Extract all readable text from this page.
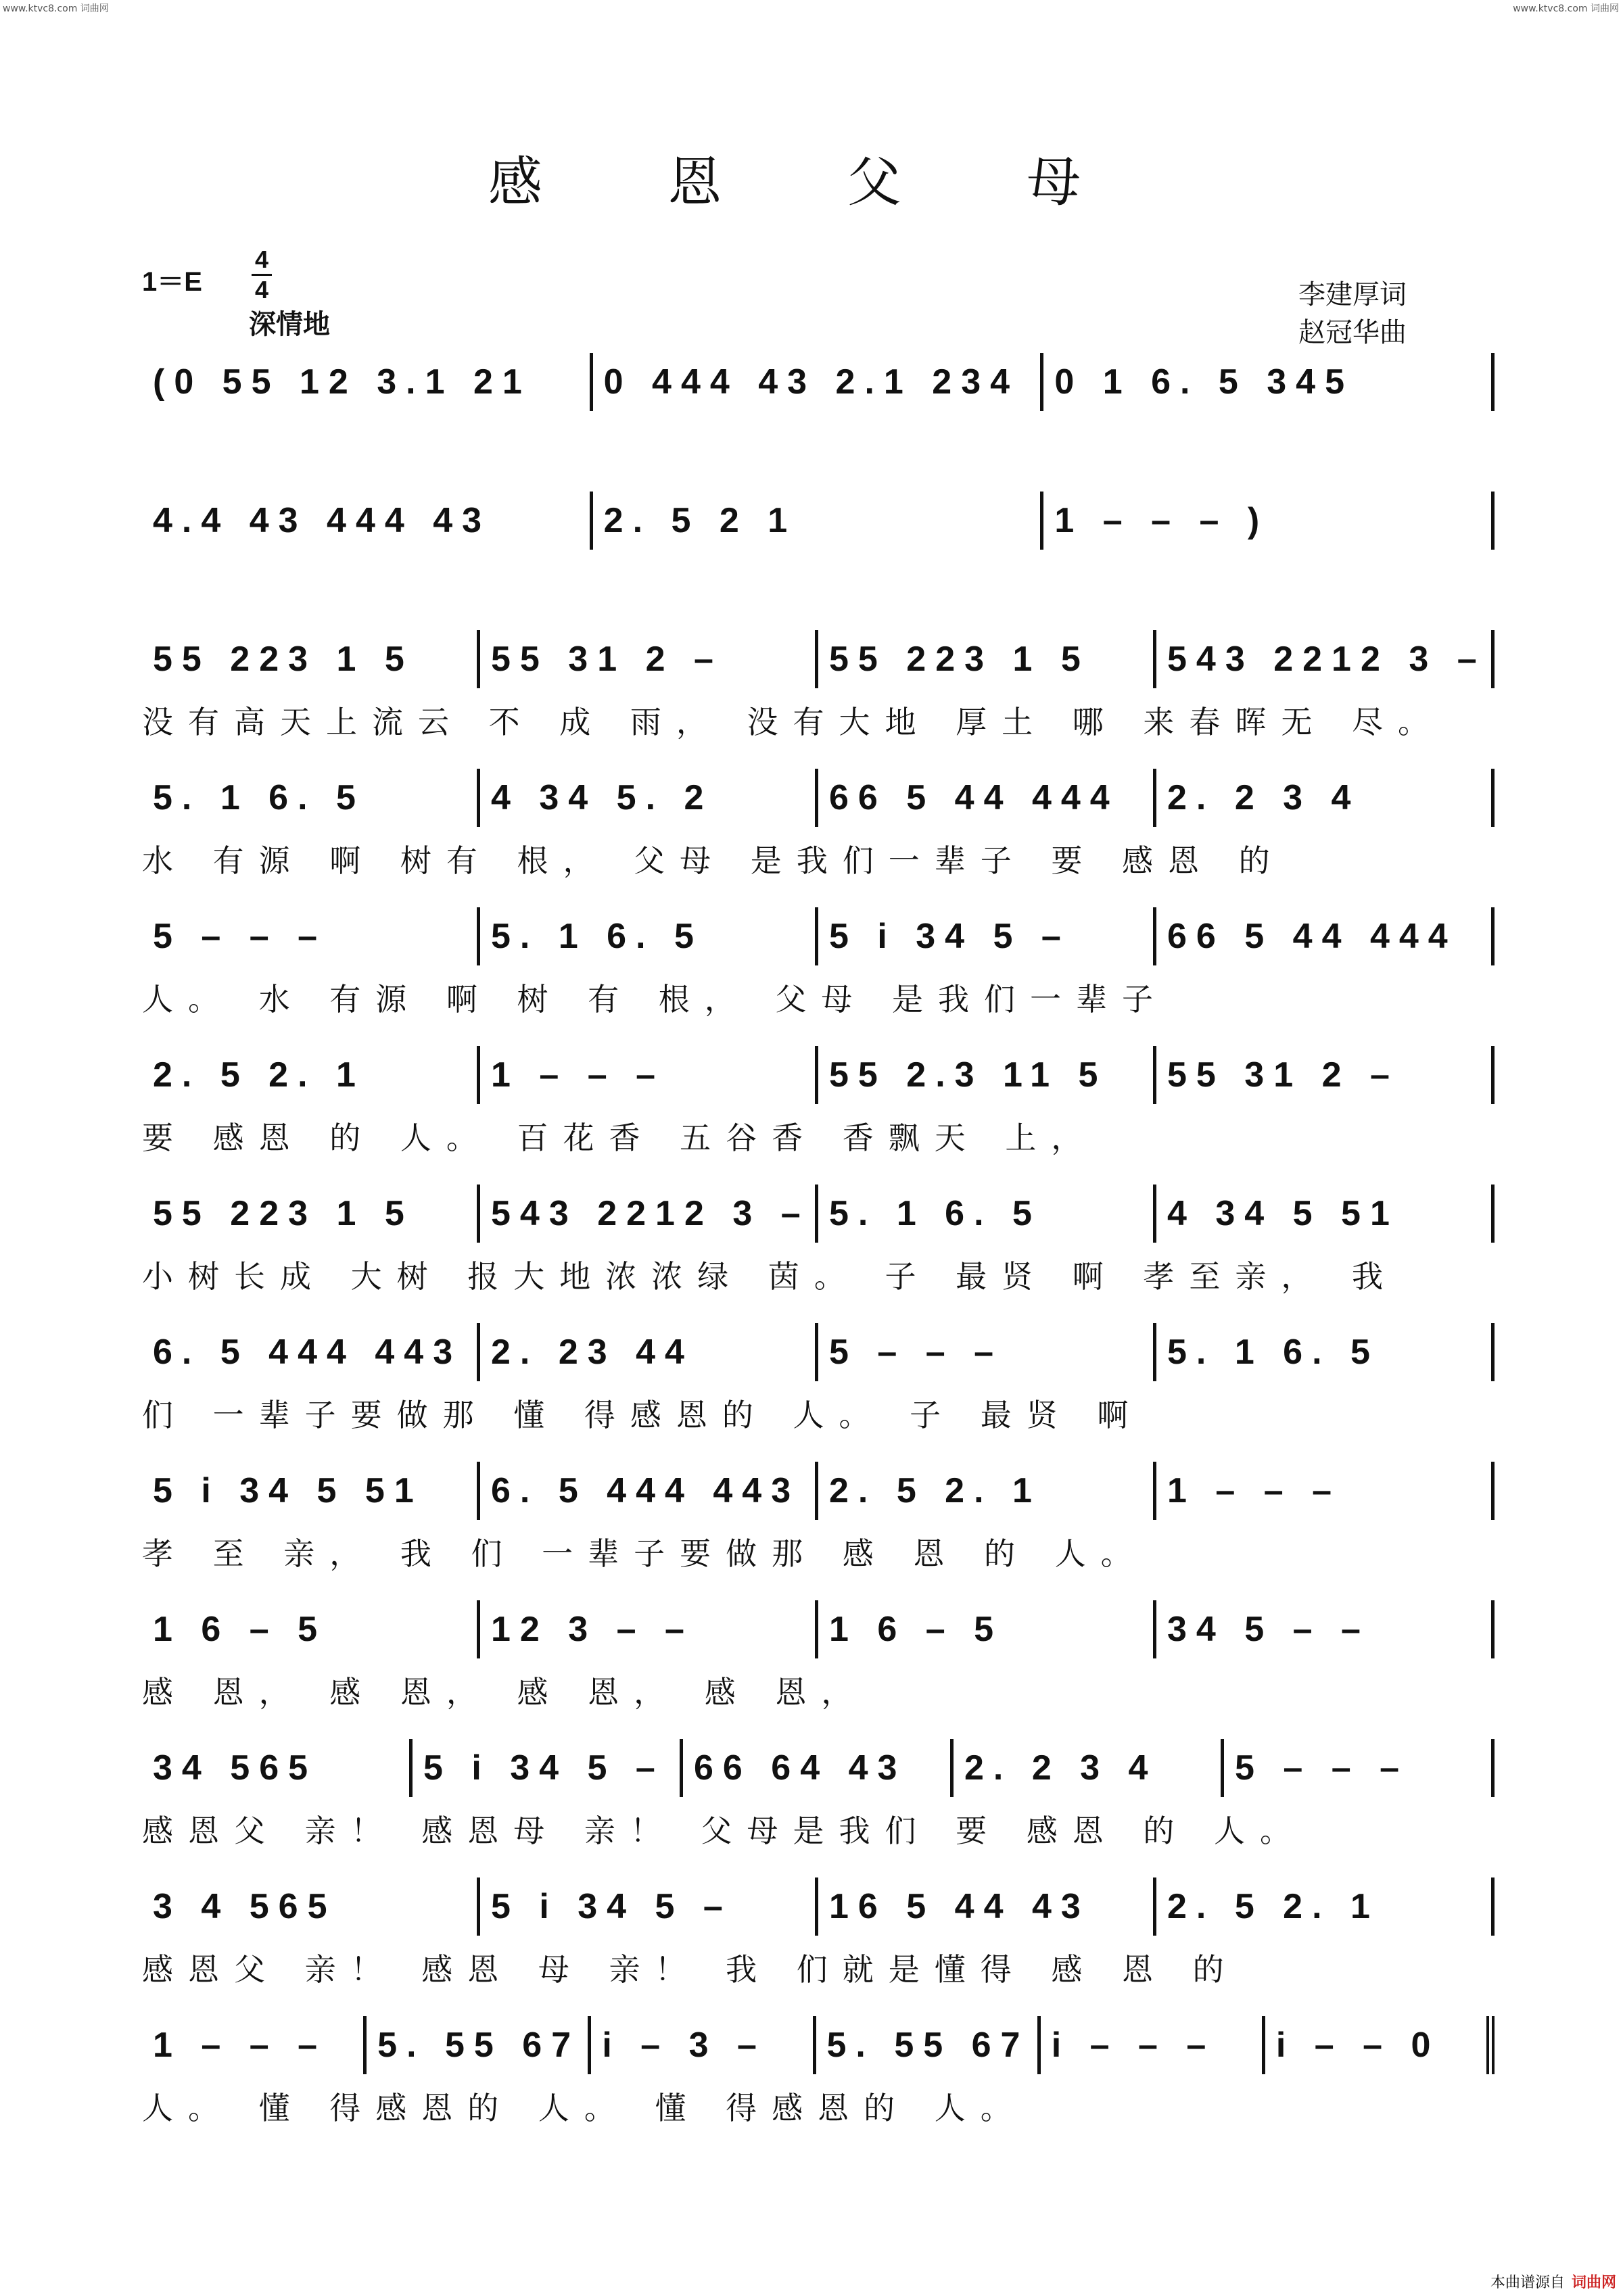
www.ktvc8.com 词曲网	www.ktvc8.com 词曲网
感 恩 父 母
1＝E
4
4
深情地
李建厚词
赵冠华曲
(0 55 12 3.1 21	0 444 43 2.1 234	0 1 6. 5 345
4.4 43 444 43	2. 5 2 1	1 – – – )
55 223 1 5	55 31 2 –	55 223 1 5	543 2212 3 –
没有高天上流云 不 成 雨， 没有大地 厚土 哪 来春晖无 尽。
5. 1 6. 5	4 34 5. 2	66 5 44 444	2. 2 3 4
水 有源 啊 树有 根， 父母 是我们一辈子 要 感恩 的
5 – – –	5. 1 6. 5	5 i 34 5 –	66 5 44 444
人。 水 有源 啊 树 有 根， 父母 是我们一辈子
2. 5 2. 1	1 – – –	55 2.3 11 5	55 31 2 –
要 感恩 的 人。 百花香 五谷香 香飘天 上，
55 223 1 5	543 2212 3 – 5. 1 6. 5	4 34 5 51
小树长成 大树 报大地浓浓绿 茵。 子 最贤 啊 孝至亲， 我
6. 5 444 443 2. 23 44	5 – – –	5. 1 6. 5
们 一辈子要做那 懂 得感恩的 人。 子 最贤 啊
5 i 34 5 51	6. 5 444 443 2. 5 2. 1	1 – – –
孝 至 亲， 我 们 一辈子要做那 感 恩 的 人。
1 6 – 5	12 3 – –	1 6 – 5	34 5 – –
感 恩， 感 恩， 感 恩， 感 恩，
34 565	5 i 34 5 – 66 64 43	2. 2 3 4	5 – – –
感恩父 亲！ 感恩母 亲！ 父母是我们 要 感恩 的 人。
3 4 565	5 i 34 5 –	16 5 44 43	2. 5 2. 1
感恩父 亲！ 感恩 母 亲！ 我 们就是懂得 感 恩 的
1 – – –	5. 55 67 i – 3 –	5. 55 67 i – – –	i – – 0
人。 懂 得感恩的 人。 懂 得感恩的 人。
本曲谱源自 词曲网
